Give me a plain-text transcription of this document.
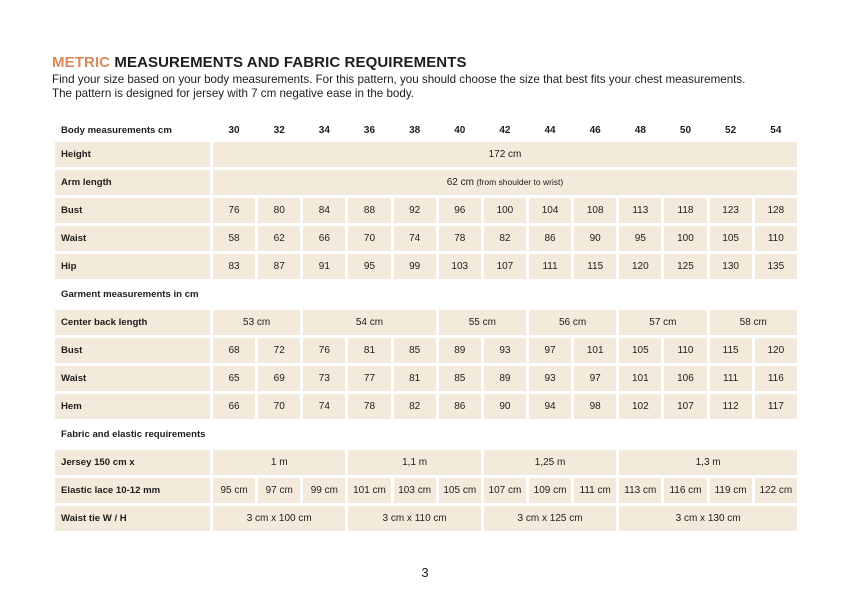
METRIC MEASUREMENTS AND FABRIC REQUIREMENTS
Find your size based on your body measurements. For this pattern, you should choose the size that best fits your chest measurements.
The pattern is designed for jersey with 7 cm negative ease in the body.
Body measurements cm	30	32	34	36	38	40	42	44	46	48	50	52	54
Height	172 cm												
Arm length	62 cm (from shoulder to wrist)												
Bust	76	80	84	88	92	96	100	104	108	113	118	123	128
Waist	58	62	66	70	74	78	82	86	90	95	100	105	110
Hip	83	87	91	95	99	103	107	111	115	120	125	130	135
Garment measurements in cm													
Center back length	53 cm		54 cm			55 cm		56 cm		57 cm		58 cm	
Bust	68	72	76	81	85	89	93	97	101	105	110	115	120
Waist	65	69	73	77	81	85	89	93	97	101	106	111	116
Hem	66	70	74	78	82	86	90	94	98	102	107	112	117
Fabric and elastic requirements													
Jersey 150 cm x	1 m			1,1 m			1,25 m			1,3 m			
Elastic lace 10-12 mm	95 cm	97 cm	99 cm	101 cm	103 cm	105 cm	107 cm	109 cm	111 cm	113 cm	116 cm	119 cm	122 cm
Waist tie W / H	3 cm x 100 cm			3 cm x 110 cm			3 cm x 125 cm			3 cm x 130 cm			
3
